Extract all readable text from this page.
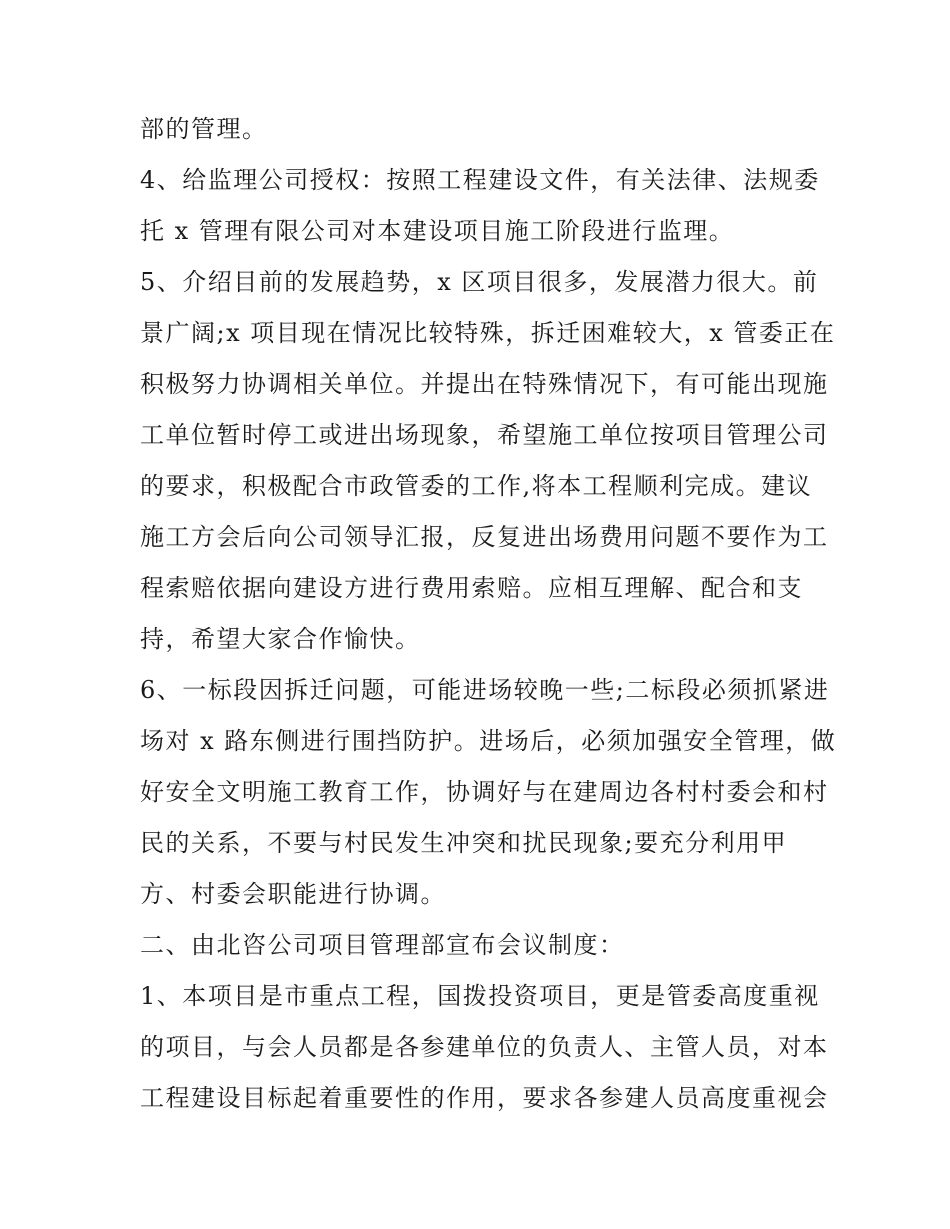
部的管理。
4、给监理公司授权：按照工程建设文件，有关法律、法规委
托 x 管理有限公司对本建设项目施工阶段进行监理。
5、介绍目前的发展趋势，x 区项目很多，发展潜力很大。前
景广阔;x 项目现在情况比较特殊，拆迁困难较大，x 管委正在
积极努力协调相关单位。并提出在特殊情况下，有可能出现施
工单位暂时停工或进出场现象，希望施工单位按项目管理公司
的要求，积极配合市政管委的工作,将本工程顺利完成。建议
施工方会后向公司领导汇报，反复进出场费用问题不要作为工
程索赔依据向建设方进行费用索赔。应相互理解、配合和支
持，希望大家合作愉快。
6、一标段因拆迁问题，可能进场较晚一些;二标段必须抓紧进
场对 x 路东侧进行围挡防护。进场后，必须加强安全管理，做
好安全文明施工教育工作，协调好与在建周边各村村委会和村
民的关系，不要与村民发生冲突和扰民现象;要充分利用甲
方、村委会职能进行协调。
二、由北咨公司项目管理部宣布会议制度：
1、本项目是市重点工程，国拨投资项目，更是管委高度重视
的项目，与会人员都是各参建单位的负责人、主管人员，对本
工程建设目标起着重要性的作用，要求各参建人员高度重视会
